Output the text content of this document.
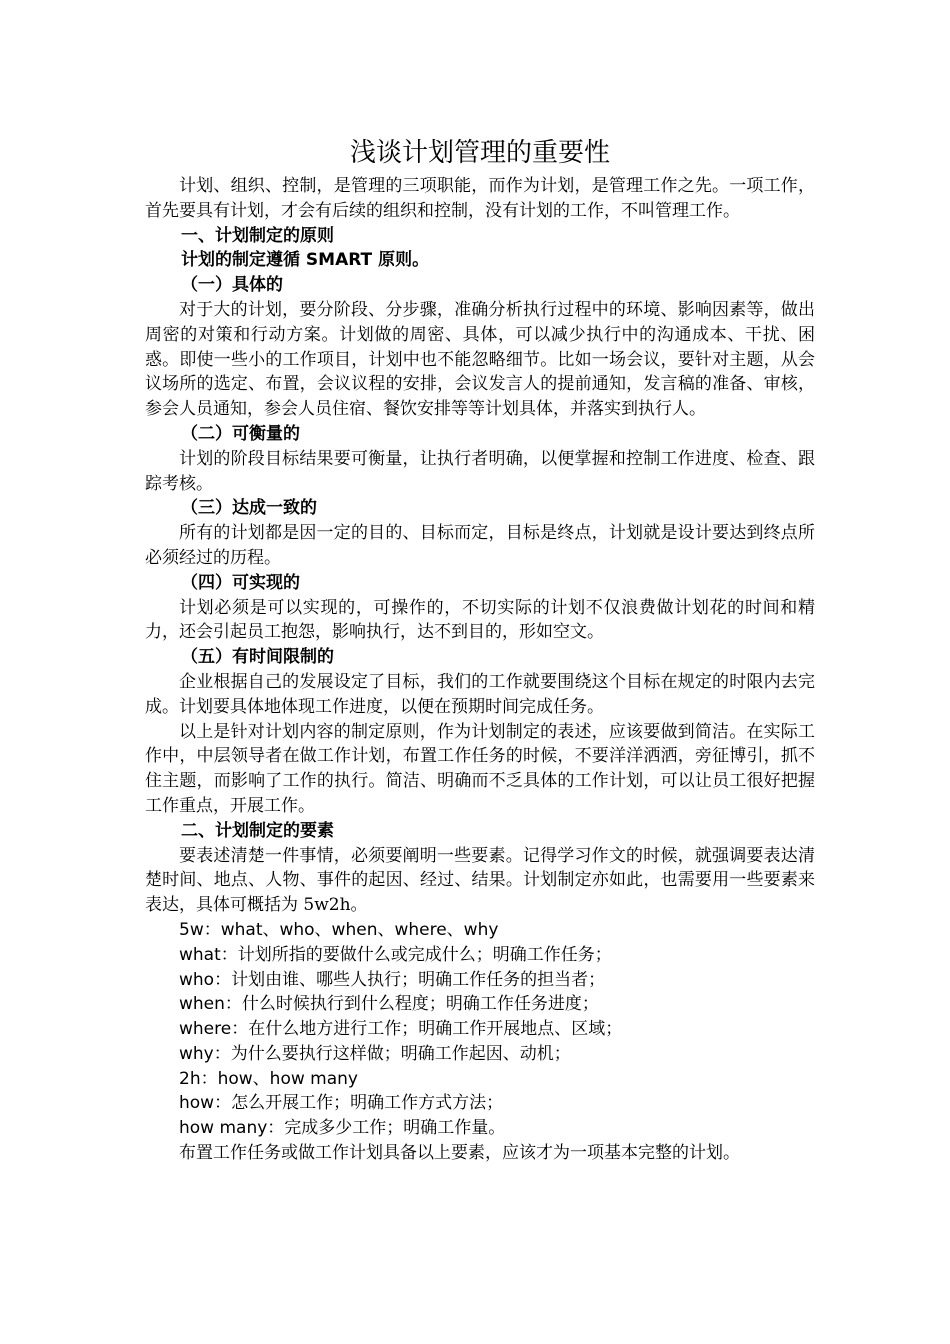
浅谈计划管理的重要性

计划、组织、控制，是管理的三项职能，而作为计划，是管理工作之先。一项工作，首先要具有计划，才会有后续的组织和控制，没有计划的工作，不叫管理工作。

一、计划制定的原则

计划的制定遵循 SMART 原则。

（一）具体的

对于大的计划，要分阶段、分步骤，准确分析执行过程中的环境、影响因素等，做出周密的对策和行动方案。计划做的周密、具体，可以减少执行中的沟通成本、干扰、困惑。即使一些小的工作项目，计划中也不能忽略细节。比如一场会议，要针对主题，从会议场所的选定、布置，会议议程的安排，会议发言人的提前通知，发言稿的准备、审核，参会人员通知，参会人员住宿、餐饮安排等等计划具体，并落实到执行人。

（二）可衡量的

计划的阶段目标结果要可衡量，让执行者明确，以便掌握和控制工作进度、检查、跟踪考核。

（三）达成一致的

所有的计划都是因一定的目的、目标而定，目标是终点，计划就是设计要达到终点所必须经过的历程。

（四）可实现的

计划必须是可以实现的，可操作的，不切实际的计划不仅浪费做计划花的时间和精力，还会引起员工抱怨，影响执行，达不到目的，形如空文。

（五）有时间限制的

企业根据自己的发展设定了目标，我们的工作就要围绕这个目标在规定的时限内去完成。计划要具体地体现工作进度，以便在预期时间完成任务。

以上是针对计划内容的制定原则，作为计划制定的表述，应该要做到简洁。在实际工作中，中层领导者在做工作计划，布置工作任务的时候，不要洋洋洒洒，旁征博引，抓不住主题，而影响了工作的执行。简洁、明确而不乏具体的工作计划，可以让员工很好把握工作重点，开展工作。

二、计划制定的要素

要表述清楚一件事情，必须要阐明一些要素。记得学习作文的时候，就强调要表达清楚时间、地点、人物、事件的起因、经过、结果。计划制定亦如此，也需要用一些要素来表达，具体可概括为 5w2h。

5w：what、who、when、where、why

what：计划所指的要做什么或完成什么；明确工作任务；

who：计划由谁、哪些人执行；明确工作任务的担当者；

when：什么时候执行到什么程度；明确工作任务进度；

where：在什么地方进行工作；明确工作开展地点、区域；

why：为什么要执行这样做；明确工作起因、动机；

2h：how、how many

how：怎么开展工作；明确工作方式方法；

how many：完成多少工作；明确工作量。

布置工作任务或做工作计划具备以上要素，应该才为一项基本完整的计划。
